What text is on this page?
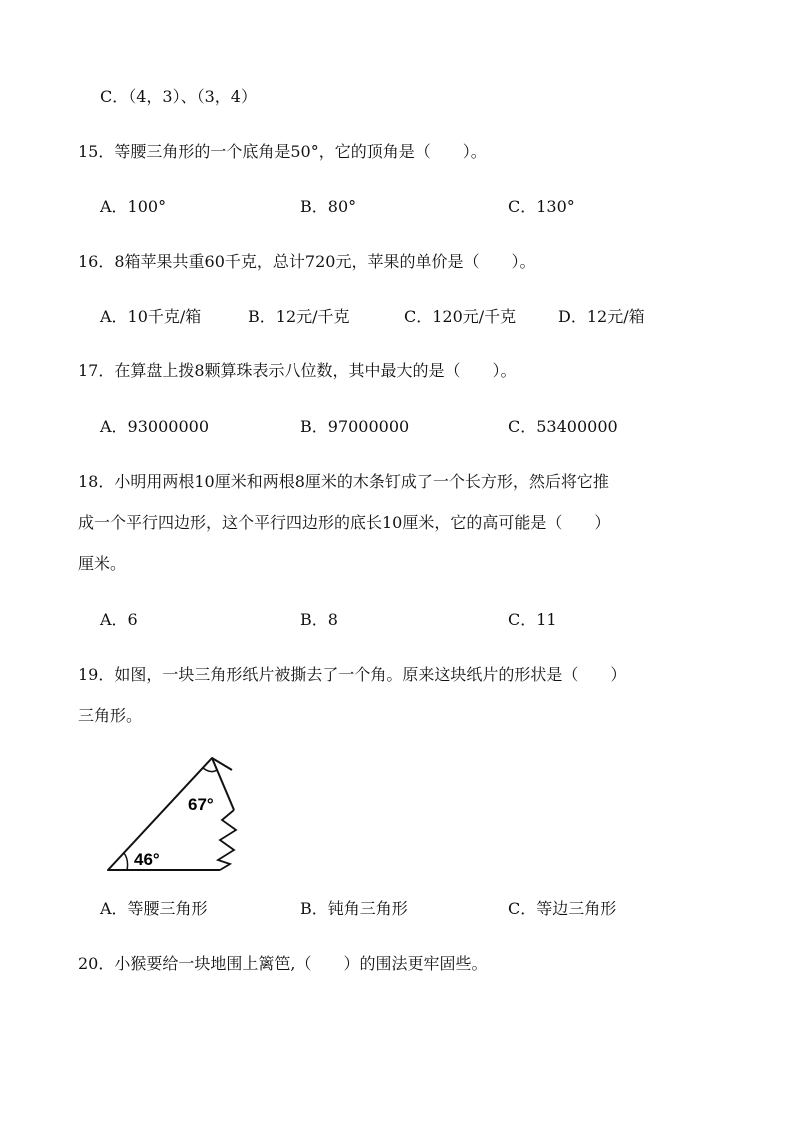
C．（4，3）、（3，4）
15．等腰三角形的一个底角是50°，它的顶角是（　　）。
A．100°	B．80°	C．130°
16．8箱苹果共重60千克，总计720元，苹果的单价是（　　）。
A．10千克/箱	B．12元/千克	C．120元/千克	D．12元/箱
17．在算盘上拨8颗算珠表示八位数，其中最大的是（　　）。
A．93000000	B．97000000	C．53400000
18．小明用两根10厘米和两根8厘米的木条钉成了一个长方形，然后将它推
成一个平行四边形，这个平行四边形的底长10厘米，它的高可能是（　　）
厘米。
A．6	B．8	C．11
19．如图，一块三角形纸片被撕去了一个角。原来这块纸片的形状是（　　）
三角形。
67°
46°
A．等腰三角形	B．钝角三角形	C．等边三角形
20．小猴要给一块地围上篱笆,（　　）的围法更牢固些。
